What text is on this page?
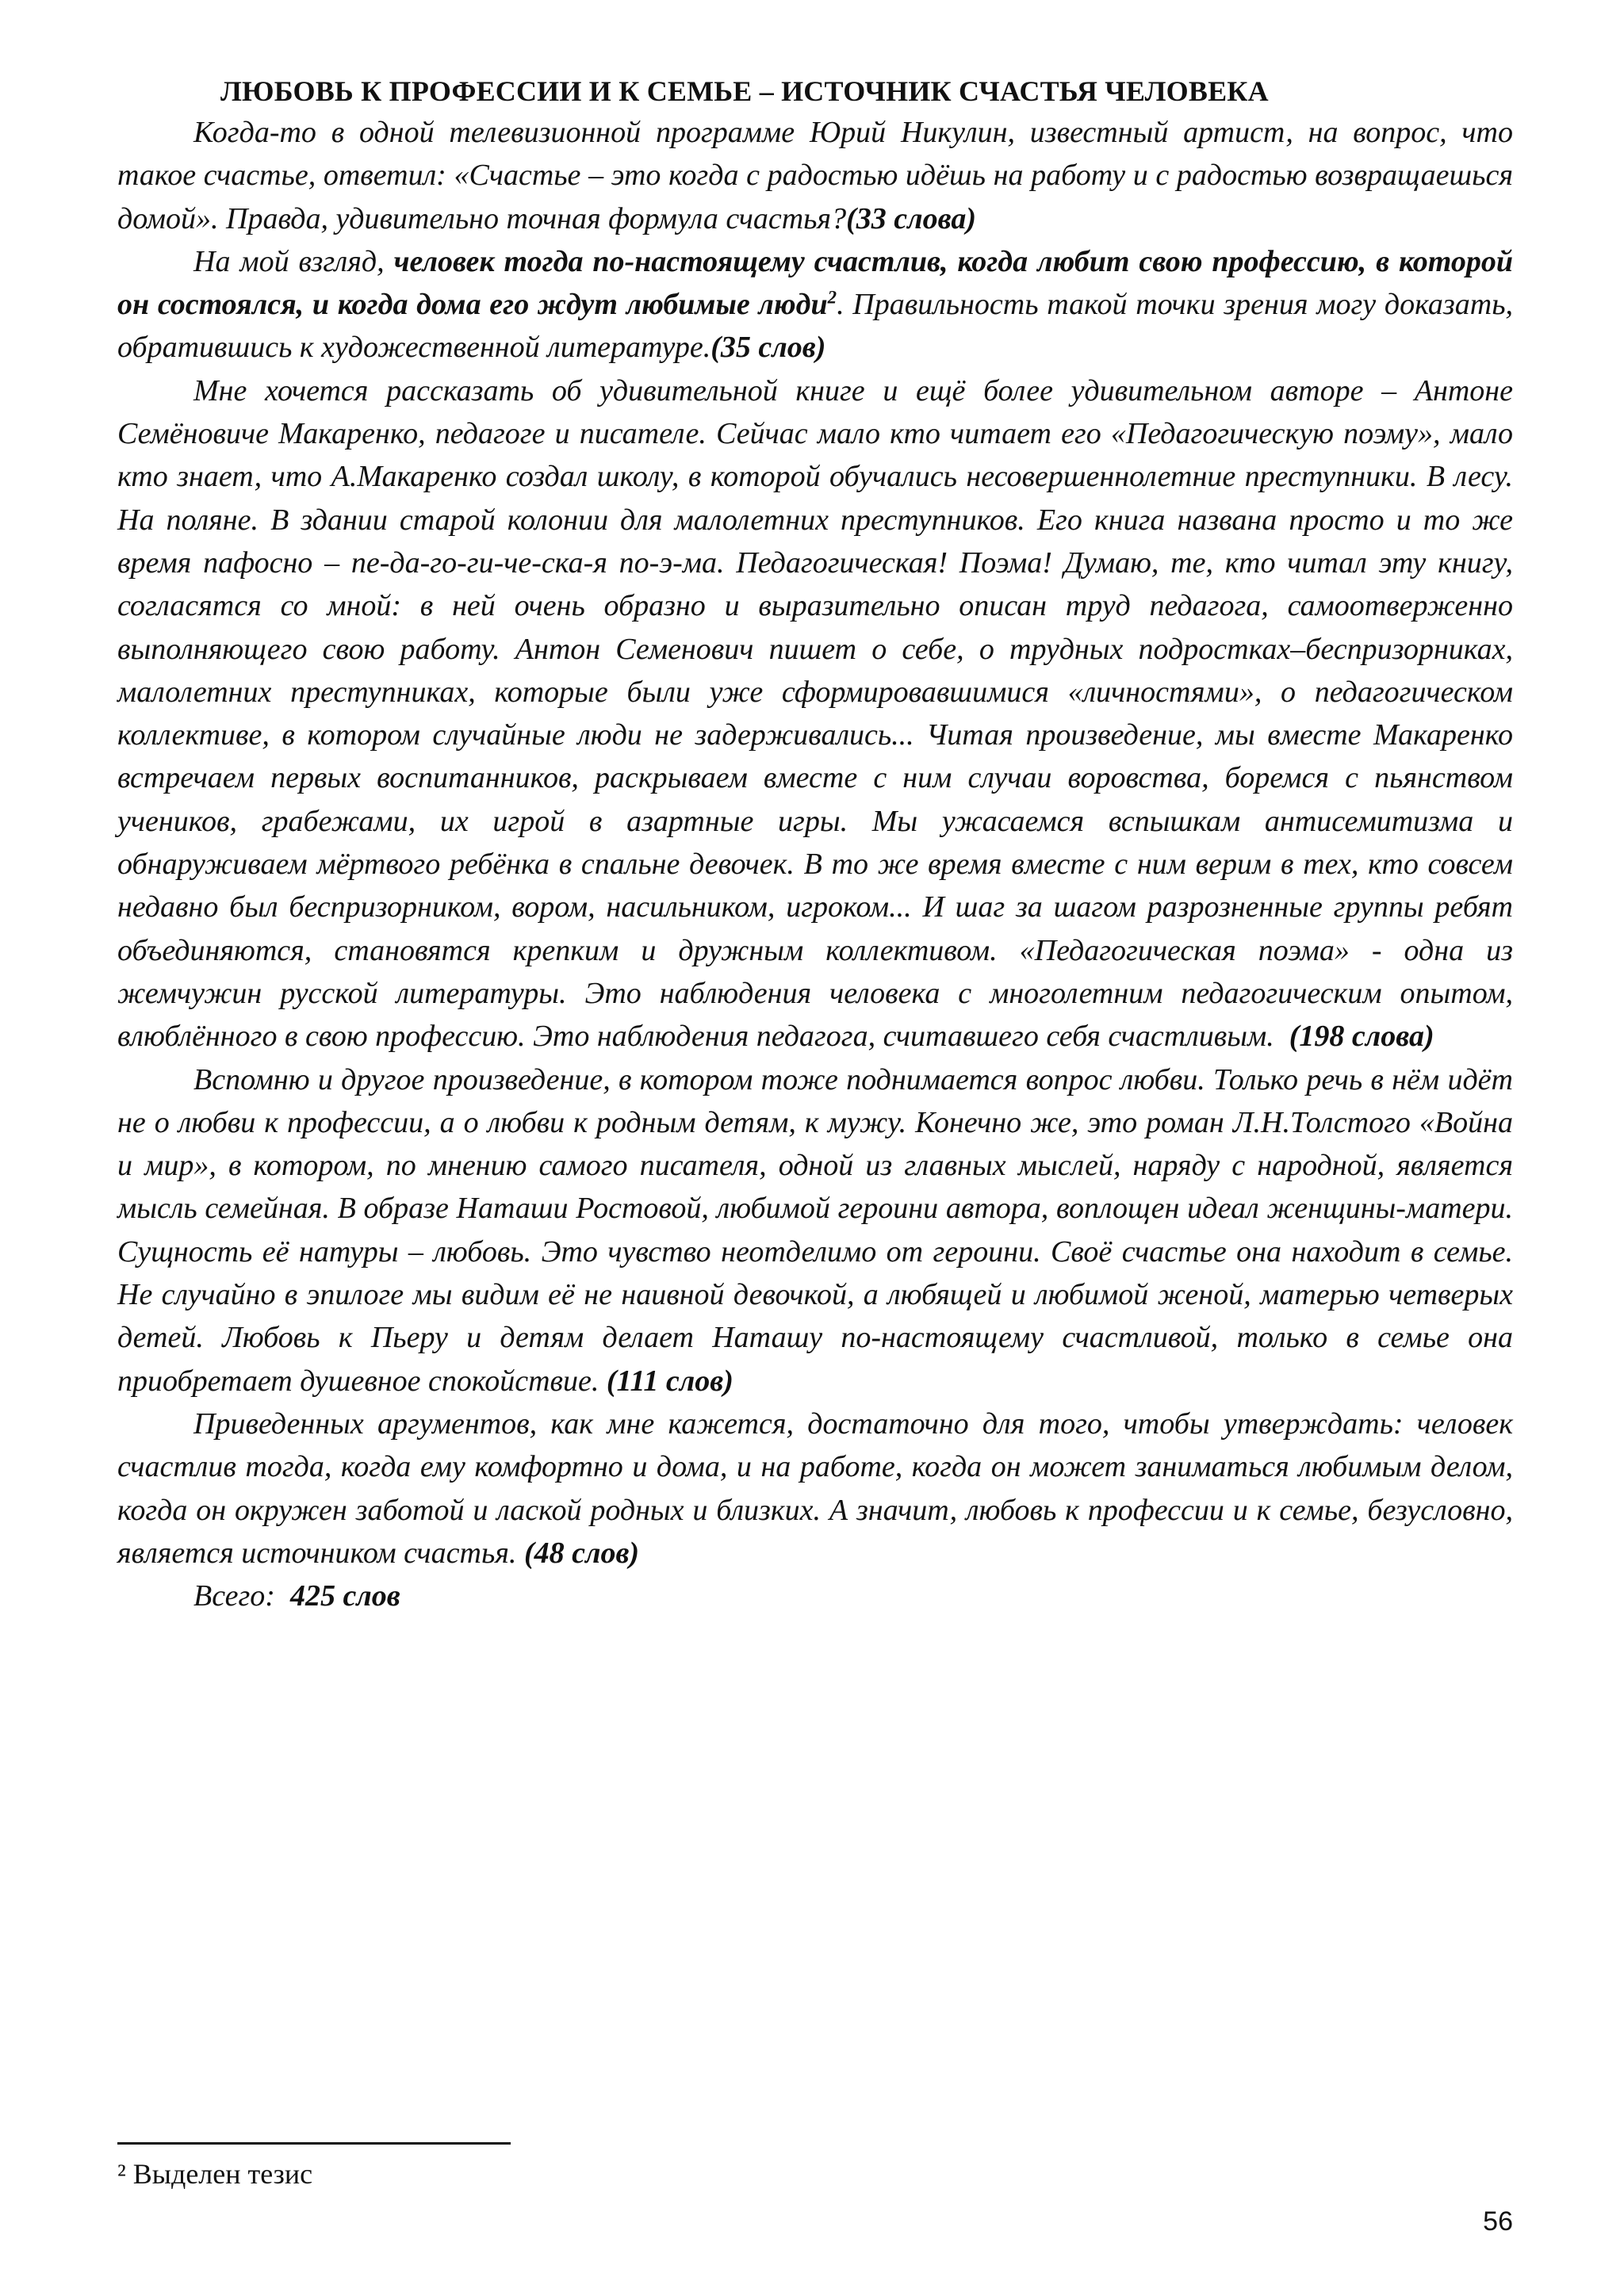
ЛЮБОВЬ К ПРОФЕССИИ И К СЕМЬЕ – ИСТОЧНИК СЧАСТЬЯ ЧЕЛОВЕКА

Когда-то в одной телевизионной программе Юрий Никулин, известный артист, на вопрос, что такое счастье, ответил: «Счастье – это когда с радостью идёшь на работу и с радостью возвращаешься домой». Правда, удивительно точная формула счастья?(33 слова)

На мой взгляд, человек тогда по-настоящему счастлив, когда любит свою профессию, в которой он состоялся, и когда дома его ждут любимые люди$^2$. Правильность такой точки зрения могу доказать, обратившись к художественной литературе.(35 слов)

Мне хочется рассказать об удивительной книге и ещё более удивительном авторе – Антоне Семёновиче Макаренко, педагоге и писателе. Сейчас мало кто читает его «Педагогическую поэму», мало кто знает, что А.Макаренко создал школу, в которой обучались несовершеннолетние преступники. В лесу. На поляне. В здании старой колонии для малолетних преступников. Его книга названа просто и то же время пафосно – пе-да-го-ги-че-ска-я по-э-ма. Педагогическая! Поэма! Думаю, те, кто читал эту книгу, согласятся со мной: в ней очень образно и выразительно описан труд педагога, самоотверженно выполняющего свою работу. Антон Семенович пишет о себе, о трудных подростках–беспризорниках, малолетних преступниках, которые были уже сформировавшимися «личностями», о педагогическом коллективе, в котором случайные люди не задерживались... Читая произведение, мы вместе Макаренко встречаем первых воспитанников, раскрываем вместе с ним случаи воровства, боремся с пьянством учеников, грабежами, их игрой в азартные игры. Мы ужасаемся вспышкам антисемитизма и обнаруживаем мёртвого ребёнка в спальне девочек. В то же время вместе с ним верим в тех, кто совсем недавно был беспризорником, вором, насильником, игроком... И шаг за шагом разрозненные группы ребят объединяются, становятся крепким и дружным коллективом. «Педагогическая поэма» - одна из жемчужин русской литературы. Это наблюдения человека с многолетним педагогическим опытом, влюблённого в свою профессию. Это наблюдения педагога, считавшего себя счастливым. (198 слова)

Вспомню и другое произведение, в котором тоже поднимается вопрос любви. Только речь в нём идёт не о любви к профессии, а о любви к родным детям, к мужу. Конечно же, это роман Л.Н.Толстого «Война и мир», в котором, по мнению самого писателя, одной из главных мыслей, наряду с народной, является мысль семейная. В образе Наташи Ростовой, любимой героини автора, воплощен идеал женщины-матери. Сущность её натуры – любовь. Это чувство неотделимо от героини. Своё счастье она находит в семье. Не случайно в эпилоге мы видим её не наивной девочкой, а любящей и любимой женой, матерью четверых детей. Любовь к Пьеру и детям делает Наташу по-настоящему счастливой, только в семье она приобретает душевное спокойствие. (111 слов)

Приведенных аргументов, как мне кажется, достаточно для того, чтобы утверждать: человек счастлив тогда, когда ему комфортно и дома, и на работе, когда он может заниматься любимым делом, когда он окружен заботой и лаской родных и близких. А значит, любовь к профессии и к семье, безусловно, является источником счастья. (48 слов)

Всего: 425 слов

² Выделен тезис
56
